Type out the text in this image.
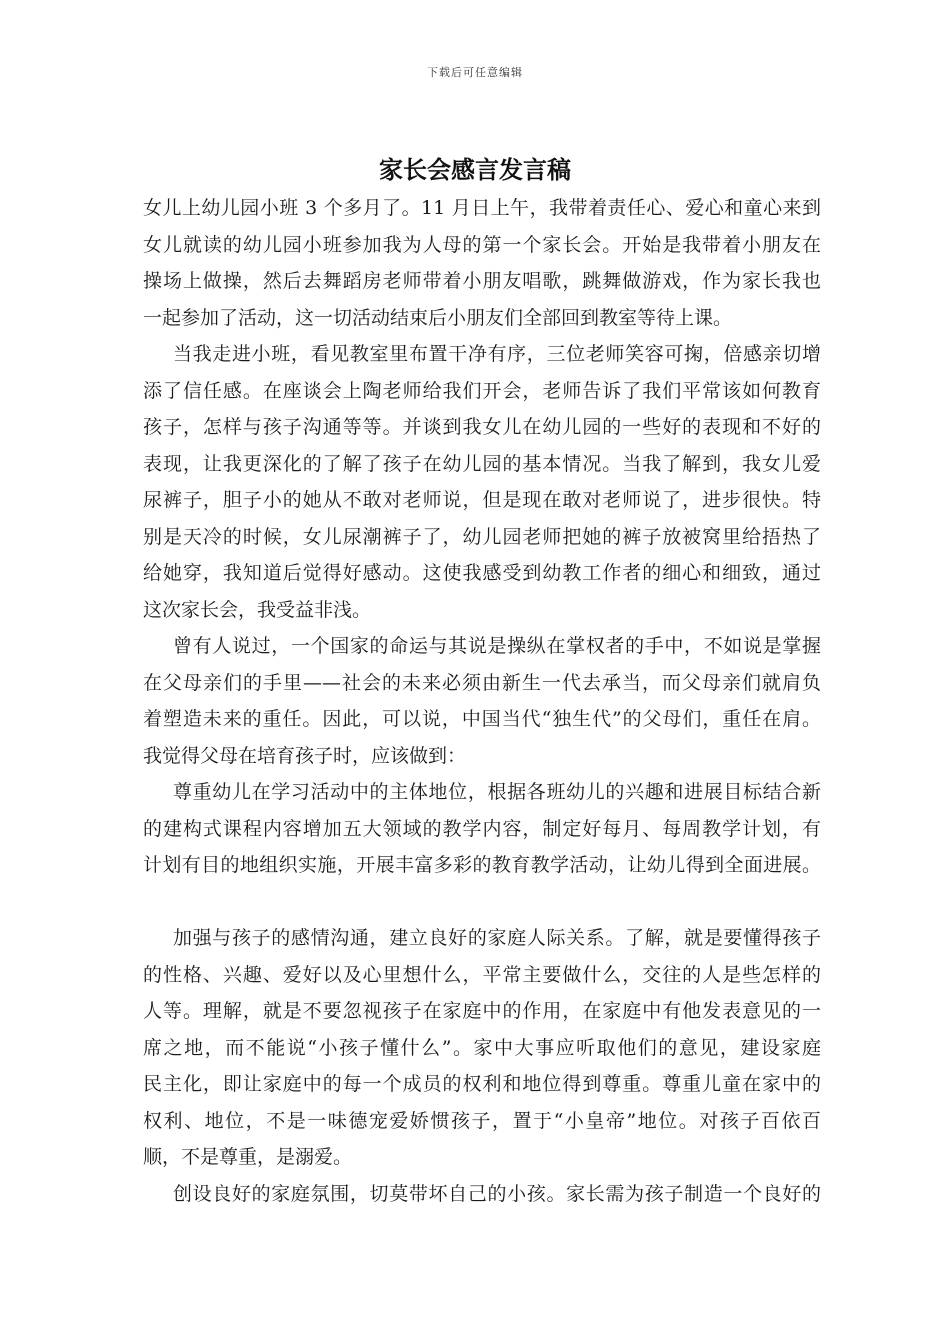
下载后可任意编辑
家长会感言发言稿
女儿上幼儿园小班 3 个多月了。11 月日上午，我带着责任心、爱心和童心来到
女儿就读的幼儿园小班参加我为人母的第一个家长会。开始是我带着小朋友在
操场上做操，然后去舞蹈房老师带着小朋友唱歌，跳舞做游戏，作为家长我也
一起参加了活动，这一切活动结束后小朋友们全部回到教室等待上课。
当我走进小班，看见教室里布置干净有序，三位老师笑容可掬，倍感亲切增
添了信任感。在座谈会上陶老师给我们开会，老师告诉了我们平常该如何教育
孩子，怎样与孩子沟通等等。并谈到我女儿在幼儿园的一些好的表现和不好的
表现，让我更深化的了解了孩子在幼儿园的基本情况。当我了解到，我女儿爱
尿裤子，胆子小的她从不敢对老师说，但是现在敢对老师说了，进步很快。特
别是天冷的时候，女儿尿潮裤子了，幼儿园老师把她的裤子放被窝里给捂热了
给她穿，我知道后觉得好感动。这使我感受到幼教工作者的细心和细致，通过
这次家长会，我受益非浅。
曾有人说过，一个国家的命运与其说是操纵在掌权者的手中，不如说是掌握
在父母亲们的手里——社会的未来必须由新生一代去承当，而父母亲们就肩负
着塑造未来的重任。因此，可以说，中国当代“独生代”的父母们，重任在肩。
我觉得父母在培育孩子时，应该做到：
尊重幼儿在学习活动中的主体地位，根据各班幼儿的兴趣和进展目标结合新
的建构式课程内容增加五大领域的教学内容，制定好每月、每周教学计划，有
计划有目的地组织实施，开展丰富多彩的教育教学活动，让幼儿得到全面进展。
加强与孩子的感情沟通，建立良好的家庭人际关系。了解，就是要懂得孩子
的性格、兴趣、爱好以及心里想什么，平常主要做什么，交往的人是些怎样的
人等。理解，就是不要忽视孩子在家庭中的作用，在家庭中有他发表意见的一
席之地，而不能说“小孩子懂什么”。家中大事应听取他们的意见，建设家庭
民主化，即让家庭中的每一个成员的权利和地位得到尊重。尊重儿童在家中的
权利、地位，不是一味德宠爱娇惯孩子，置于“小皇帝”地位。对孩子百依百
顺，不是尊重，是溺爱。
创设良好的家庭氛围，切莫带坏自己的小孩。家长需为孩子制造一个良好的
